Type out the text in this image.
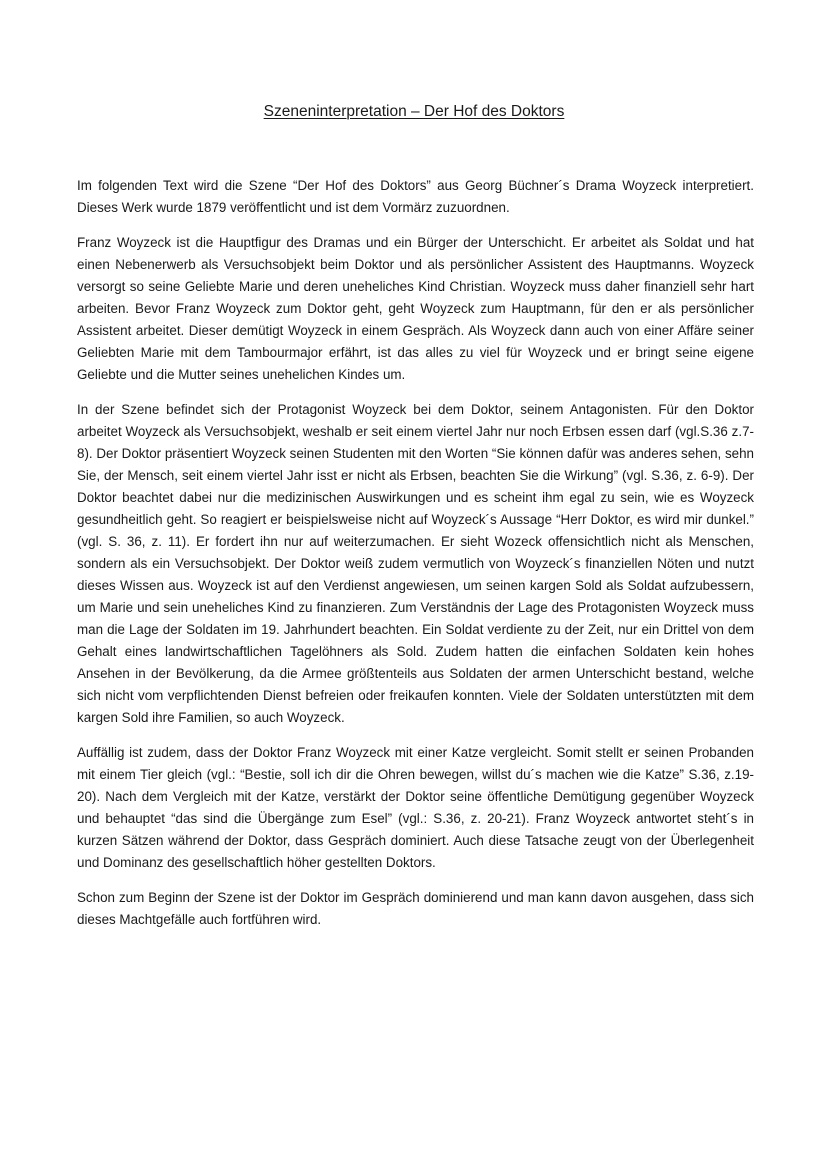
Szeneninterpretation – Der Hof des Doktors

Im folgenden Text wird die Szene “Der Hof des Doktors” aus Georg Büchner´s Drama Woyzeck interpretiert. Dieses Werk wurde 1879 veröffentlicht und ist dem Vormärz zuzuordnen.

Franz Woyzeck ist die Hauptfigur des Dramas und ein Bürger der Unterschicht. Er arbeitet als Soldat und hat einen Nebenerwerb als Versuchsobjekt beim Doktor und als persönlicher Assistent des Hauptmanns. Woyzeck versorgt so seine Geliebte Marie und deren uneheliches Kind Christian. Woyzeck muss daher finanziell sehr hart arbeiten. Bevor Franz Woyzeck zum Doktor geht, geht Woyzeck zum Hauptmann, für den er als persönlicher Assistent arbeitet. Dieser demütigt Woyzeck in einem Gespräch. Als Woyzeck dann auch von einer Affäre seiner Geliebten Marie mit dem Tambourmajor erfährt, ist das alles zu viel für Woyzeck und er bringt seine eigene Geliebte und die Mutter seines unehelichen Kindes um.

In der Szene befindet sich der Protagonist Woyzeck bei dem Doktor, seinem Antagonisten. Für den Doktor arbeitet Woyzeck als Versuchsobjekt, weshalb er seit einem viertel Jahr nur noch Erbsen essen darf (vgl.S.36 z.7-8). Der Doktor präsentiert Woyzeck seinen Studenten mit den Worten “Sie können dafür was anderes sehen, sehn Sie, der Mensch, seit einem viertel Jahr isst er nicht als Erbsen, beachten Sie die Wirkung” (vgl. S.36, z. 6-9). Der Doktor beachtet dabei nur die medizinischen Auswirkungen und es scheint ihm egal zu sein, wie es Woyzeck gesundheitlich geht. So reagiert er beispielsweise nicht auf Woyzeck´s Aussage “Herr Doktor, es wird mir dunkel.” (vgl. S. 36, z. 11). Er fordert ihn nur auf weiterzumachen. Er sieht Wozeck offensichtlich nicht als Menschen, sondern als ein Versuchsobjekt. Der Doktor weiß zudem vermutlich von Woyzeck´s finanziellen Nöten und nutzt dieses Wissen aus. Woyzeck ist auf den Verdienst angewiesen, um seinen kargen Sold als Soldat aufzubessern, um Marie und sein uneheliches Kind zu finanzieren. Zum Verständnis der Lage des Protagonisten Woyzeck muss man die Lage der Soldaten im 19. Jahrhundert beachten. Ein Soldat verdiente zu der Zeit, nur ein Drittel von dem Gehalt eines landwirtschaftlichen Tagelöhners als Sold. Zudem hatten die einfachen Soldaten kein hohes Ansehen in der Bevölkerung, da die Armee größtenteils aus Soldaten der armen Unterschicht bestand, welche sich nicht vom verpflichtenden Dienst befreien oder freikaufen konnten. Viele der Soldaten unterstützten mit dem kargen Sold ihre Familien, so auch Woyzeck.

Auffällig ist zudem, dass der Doktor Franz Woyzeck mit einer Katze vergleicht. Somit stellt er seinen Probanden mit einem Tier gleich (vgl.: “Bestie, soll ich dir die Ohren bewegen, willst du´s machen wie die Katze” S.36, z.19-20). Nach dem Vergleich mit der Katze, verstärkt der Doktor seine öffentliche Demütigung gegenüber Woyzeck und behauptet “das sind die Übergänge zum Esel” (vgl.: S.36, z. 20-21). Franz Woyzeck antwortet steht´s in kurzen Sätzen während der Doktor, dass Gespräch dominiert. Auch diese Tatsache zeugt von der Überlegenheit und Dominanz des gesellschaftlich höher gestellten Doktors.

Schon zum Beginn der Szene ist der Doktor im Gespräch dominierend und man kann davon ausgehen, dass sich dieses Machtgefälle auch fortführen wird.
